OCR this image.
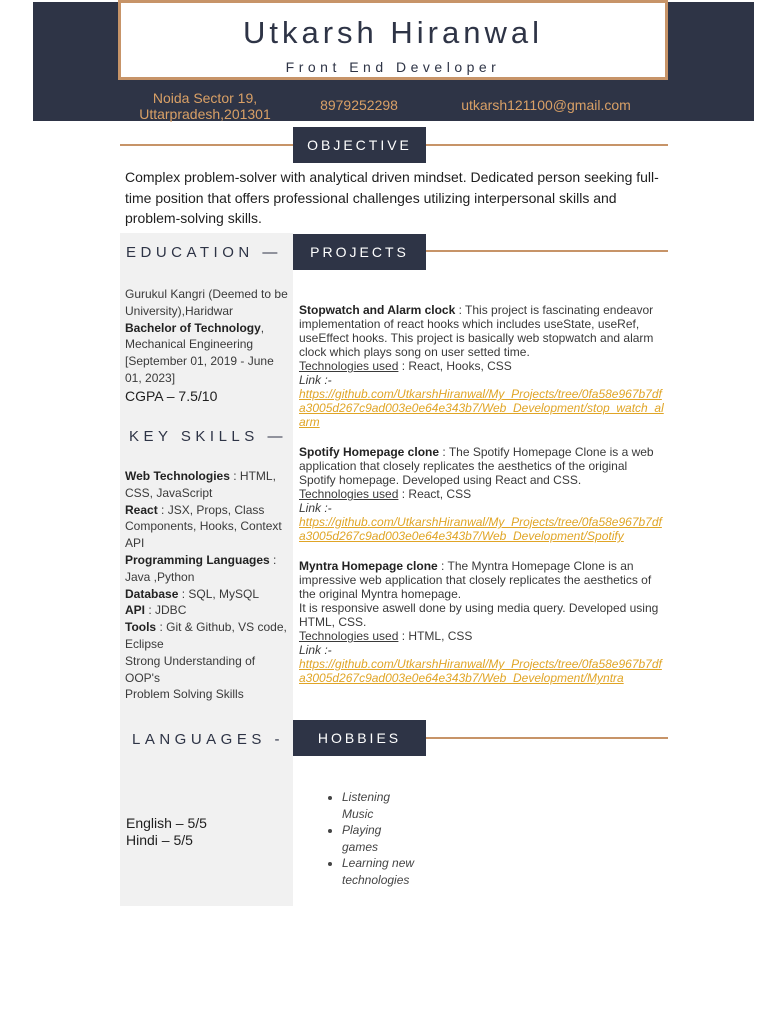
Utkarsh Hiranwal
Front End Developer
Noida Sector 19,
Uttarpradesh,201301
8979252298	utkarsh121100@gmail.com
OBJECTIVE
Complex problem-solver with analytical driven mindset. Dedicated person seeking full-time position that offers professional challenges utilizing interpersonal skills and problem-solving skills.
EDUCATION —
Gurukul Kangri (Deemed to be University),Haridwar
Bachelor of Technology, Mechanical Engineering
[September 01, 2019 - June 01, 2023]
CGPA – 7.5/10
KEY SKILLS —
Web Technologies : HTML, CSS, JavaScript
React : JSX, Props, Class Components, Hooks, Context API
Programming Languages : Java ,Python
Database : SQL, MySQL
API : JDBC
Tools : Git & Github, VS code, Eclipse
Strong Understanding of OOP's
Problem Solving Skills
LANGUAGES -
English – 5/5
Hindi – 5/5
PROJECTS
Stopwatch and Alarm clock : This project is fascinating endeavor implementation of react hooks which includes useState, useRef, useEffect hooks. This project is basically web stopwatch and alarm clock which plays song on user setted time.
Technologies used : React, Hooks, CSS
Link :-
https://github.com/UtkarshHiranwal/My_Projects/tree/0fa58e967b7dfa3005d267c9ad003e0e64e343b7/Web_Development/stop_watch_alarm
Spotify Homepage clone : The Spotify Homepage Clone is a web application that closely replicates the aesthetics of the original Spotify homepage. Developed using React and CSS.
Technologies used : React, CSS
Link :-
https://github.com/UtkarshHiranwal/My_Projects/tree/0fa58e967b7dfa3005d267c9ad003e0e64e343b7/Web_Development/Spotify
Myntra Homepage clone : The Myntra Homepage Clone is an impressive web application that closely replicates the aesthetics of the original Myntra homepage.
It is responsive aswell done by using media query. Developed using HTML, CSS.
Technologies used : HTML, CSS
Link :-
https://github.com/UtkarshHiranwal/My_Projects/tree/0fa58e967b7dfa3005d267c9ad003e0e64e343b7/Web_Development/Myntra
HOBBIES
• Listening Music
• Playing games
• Learning new technologies
